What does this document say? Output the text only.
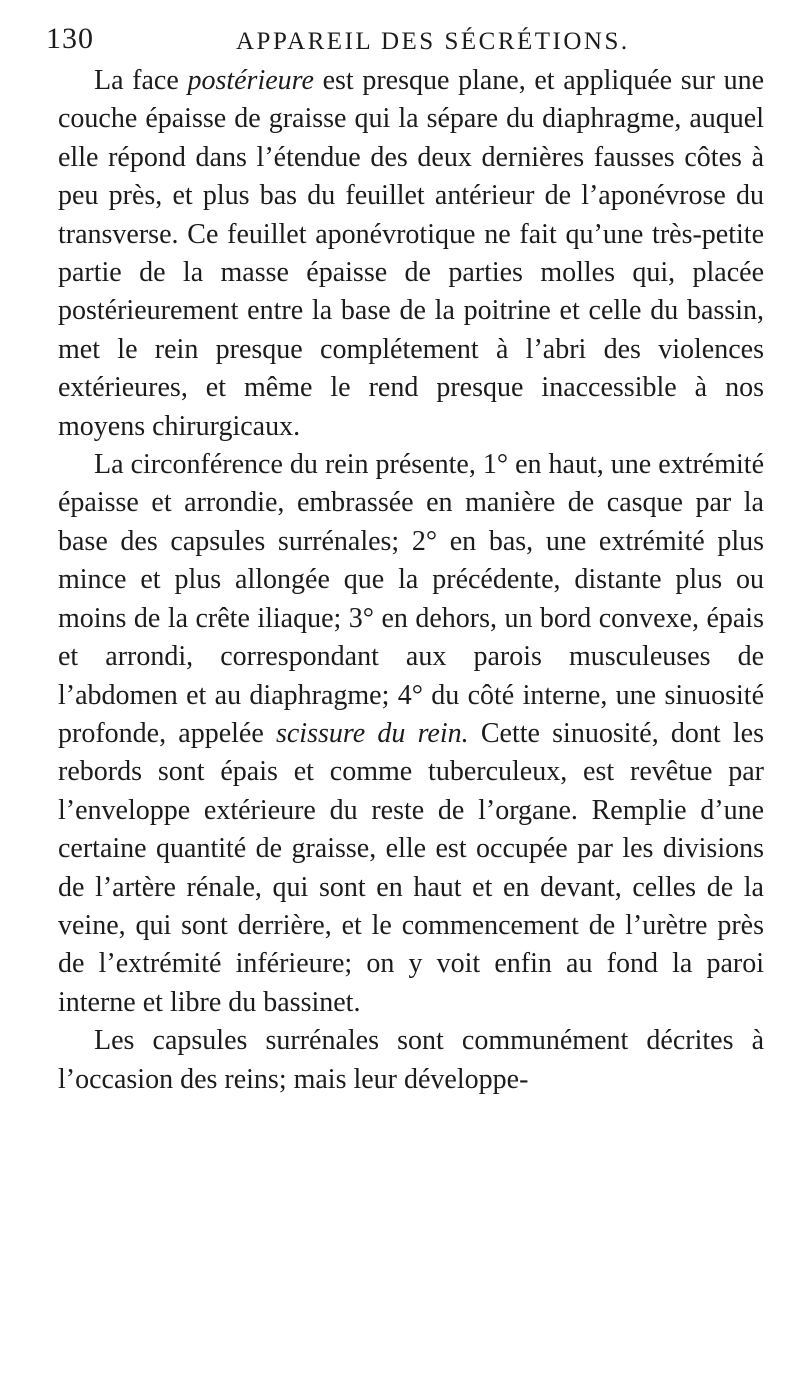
130	APPAREIL DES SÉCRÉTIONS.

La face postérieure est presque plane, et appliquée sur une couche épaisse de graisse qui la sépare du diaphragme, auquel elle répond dans l’étendue des deux dernières fausses côtes à peu près, et plus bas du feuillet antérieur de l’aponévrose du transverse. Ce feuillet aponévrotique ne fait qu’une très-petite partie de la masse épaisse de parties molles qui, placée postérieurement entre la base de la poitrine et celle du bassin, met le rein presque complétement à l’abri des violences extérieures, et même le rend presque inaccessible à nos moyens chirurgicaux.

La circonférence du rein présente, 1° en haut, une extrémité épaisse et arrondie, embrassée en manière de casque par la base des capsules surrénales; 2° en bas, une extrémité plus mince et plus allongée que la précédente, distante plus ou moins de la crête iliaque; 3° en dehors, un bord convexe, épais et arrondi, correspondant aux parois musculeuses de l’abdomen et au diaphragme; 4° du côté interne, une sinuosité profonde, appelée scissure du rein. Cette sinuosité, dont les rebords sont épais et comme tuberculeux, est revêtue par l’enveloppe extérieure du reste de l’organe. Remplie d’une certaine quantité de graisse, elle est occupée par les divisions de l’artère rénale, qui sont en haut et en devant, celles de la veine, qui sont derrière, et le commencement de l’urètre près de l’extrémité inférieure; on y voit enfin au fond la paroi interne et libre du bassinet.

Les capsules surrénales sont communément décrites à l’occasion des reins; mais leur développe-
